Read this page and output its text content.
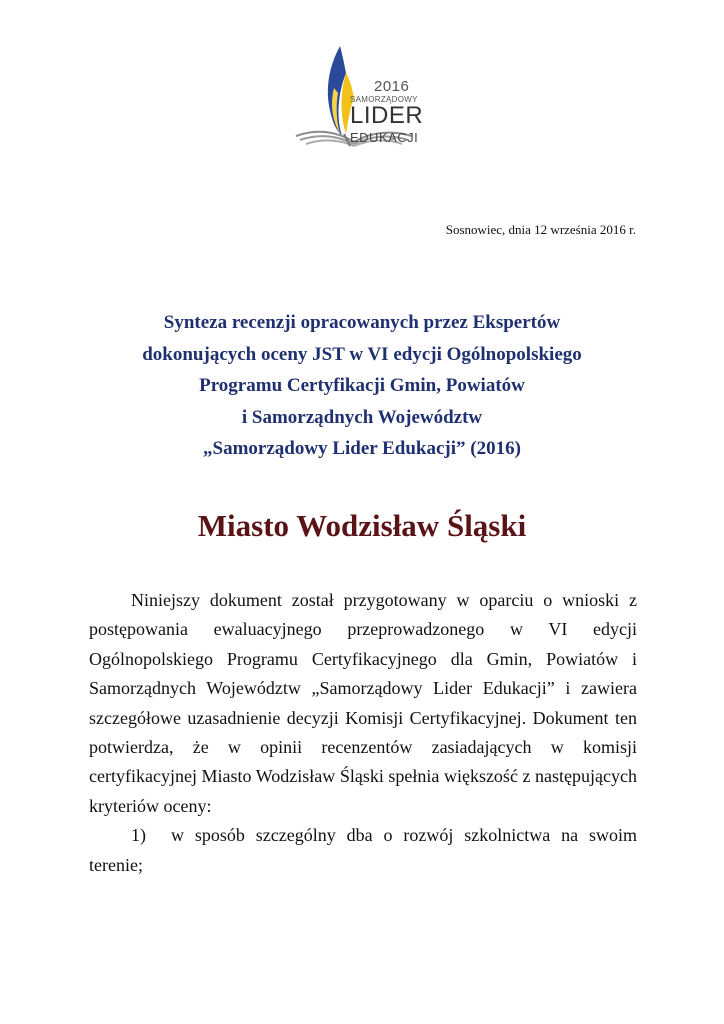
2016
SAMORZĄDOWY
LIDER
EDUKACJI
Sosnowiec, dnia 12 września 2016 r.
Synteza recenzji opracowanych przez Ekspertów
dokonujących oceny JST w VI edycji Ogólnopolskiego
Programu Certyfikacji Gmin, Powiatów
i Samorządnych Województw
„Samorządowy Lider Edukacji” (2016)
Miasto Wodzisław Śląski
Niniejszy dokument został przygotowany w oparciu o wnioski z postępowania ewaluacyjnego przeprowadzonego w VI edycji Ogólnopolskiego Programu Certyfikacyjnego dla Gmin, Powiatów i Samorządnych Województw „Samorządowy Lider Edukacji” i zawiera szczegółowe uzasadnienie decyzji Komisji Certyfikacyjnej. Dokument ten potwierdza, że w opinii recenzentów zasiadających w komisji certyfikacyjnej Miasto Wodzisław Śląski spełnia większość z następujących kryteriów oceny:
1) w sposób szczególny dba o rozwój szkolnictwa na swoim terenie;
